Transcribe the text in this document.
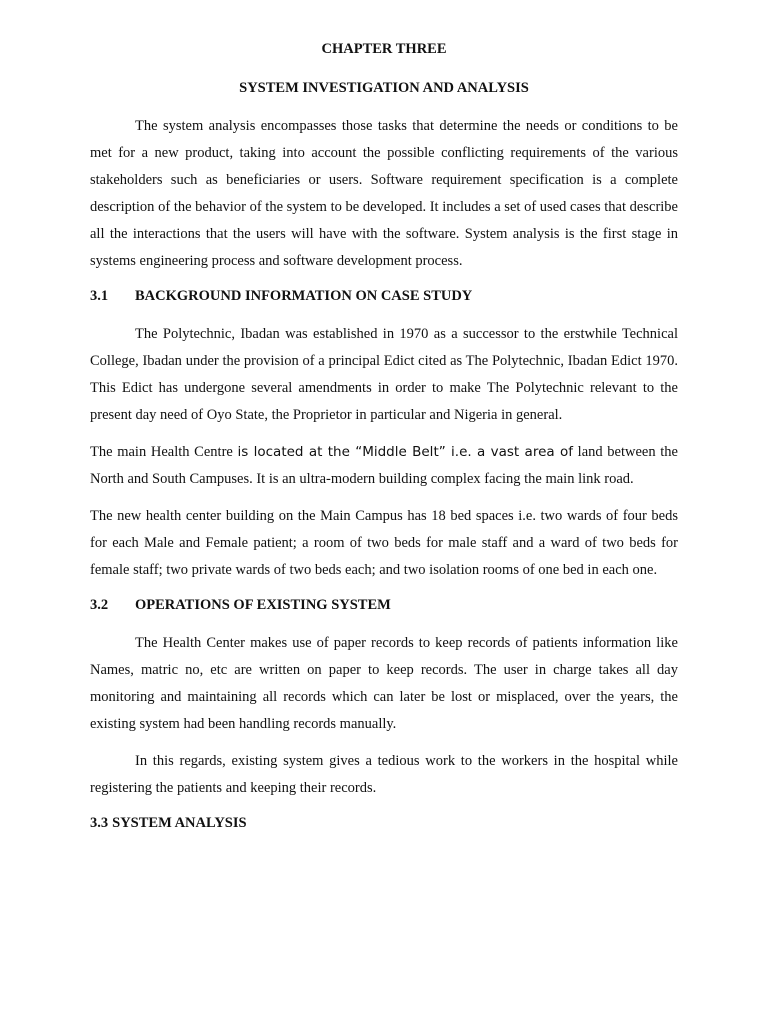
CHAPTER THREE
SYSTEM INVESTIGATION AND ANALYSIS

The system analysis encompasses those tasks that determine the needs or conditions to be met for a new product, taking into account the possible conflicting requirements of the various stakeholders such as beneficiaries or users. Software requirement specification is a complete description of the behavior of the system to be developed. It includes a set of used cases that describe all the interactions that the users will have with the software. System analysis is the first stage in systems engineering process and software development process.

3.1	BACKGROUND INFORMATION ON CASE STUDY

The Polytechnic, Ibadan was established in 1970 as a successor to the erstwhile Technical College, Ibadan under the provision of a principal Edict cited as The Polytechnic, Ibadan Edict 1970. This Edict has undergone several amendments in order to make The Polytechnic relevant to the present day need of Oyo State, the Proprietor in particular and Nigeria in general.

The main Health Centre is located at the “Middle Belt” i.e. a vast area of land between the North and South Campuses. It is an ultra-modern building complex facing the main link road.

The new health center building on the Main Campus has 18 bed spaces i.e. two wards of four beds for each Male and Female patient; a room of two beds for male staff and a ward of two beds for female staff; two private wards of two beds each; and two isolation rooms of one bed in each one.

3.2	OPERATIONS OF EXISTING SYSTEM

The Health Center makes use of paper records to keep records of patients information like Names, matric no, etc are written on paper to keep records. The user in charge takes all day monitoring and maintaining all records which can later be lost or misplaced, over the years, the existing system had been handling records manually.

In this regards, existing system gives a tedious work to the workers in the hospital while registering the patients and keeping their records.

3.3 SYSTEM ANALYSIS
